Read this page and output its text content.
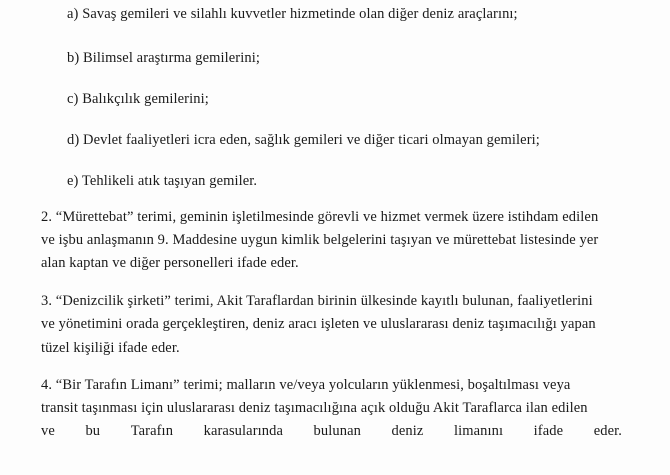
a) Savaş gemileri ve silahlı kuvvetler hizmetinde olan diğer deniz araçlarını;
b) Bilimsel araştırma gemilerini;
c) Balıkçılık gemilerini;
d) Devlet faaliyetleri icra eden, sağlık gemileri ve diğer ticari olmayan gemileri;
e) Tehlikeli atık taşıyan gemiler.
2. “Mürettebat” terimi, geminin işletilmesinde görevli ve hizmet vermek üzere istihdam edilen
ve işbu anlaşmanın 9. Maddesine uygun kimlik belgelerini taşıyan ve mürettebat listesinde yer
alan kaptan ve diğer personelleri ifade eder.
3. “Denizcilik şirketi” terimi, Akit Taraflardan birinin ülkesinde kayıtlı bulunan, faaliyetlerini
ve yönetimini orada gerçekleştiren, deniz aracı işleten ve uluslararası deniz taşımacılığı yapan
tüzel kişiliği ifade eder.
4. “Bir Tarafın Limanı” terimi; malların ve/veya yolcuların yüklenmesi, boşaltılması veya
transit taşınması için uluslararası deniz taşımacılığına açık olduğu Akit Taraflarca ilan edilen
ve bu Tarafın karasularında bulunan deniz limanını ifade eder.
